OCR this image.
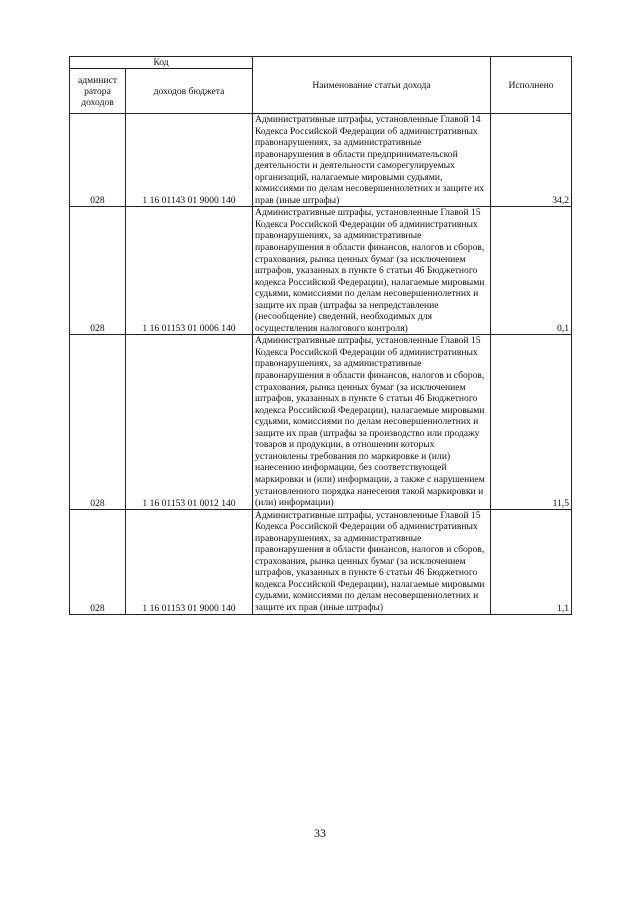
Код		Наименование статьи дохода	Исполнено
админист
ратора
доходов	доходов бюджета		
028	1 16 01143 01 9000 140	Административные штрафы, установленные Главой 14 Кодекса Российской Федерации об административных правонарушениях, за административные правонарушения в области предпринимательской деятельности и деятельности саморегулируемых организаций, налагаемые мировыми судьями, комиссиями по делам несовершеннолетних и защите их прав (иные штрафы)	34,2
028	1 16 01153 01 0006 140	Административные штрафы, установленные Главой 15 Кодекса Российской Федерации об административных правонарушениях, за административные правонарушения в области финансов, налогов и сборов, страхования, рынка ценных бумаг (за исключением штрафов, указанных в пункте 6 статьи 46 Бюджетного кодекса Российской Федерации), налагаемые мировыми судьями, комиссиями по делам несовершеннолетних и защите их прав (штрафы за непредставление (несообщение) сведений, необходимых для осуществления налогового контроля)	0,1
028	1 16 01153 01 0012 140	Административные штрафы, установленные Главой 15 Кодекса Российской Федерации об административных правонарушениях, за административные правонарушения в области финансов, налогов и сборов, страхования, рынка ценных бумаг (за исключением штрафов, указанных в пункте 6 статьи 46 Бюджетного кодекса Российской Федерации), налагаемые мировыми судьями, комиссиями по делам несовершеннолетних и защите их прав (штрафы за производство или продажу товаров и продукции, в отношении которых установлены требования по маркировке и (или) нанесению информации, без соответствующей маркировки и (или) информации, а также с нарушением установленного порядка нанесения такой маркировки и (или) информации)	11,5
028	1 16 01153 01 9000 140	Административные штрафы, установленные Главой 15 Кодекса Российской Федерации об административных правонарушениях, за административные правонарушения в области финансов, налогов и сборов, страхования, рынка ценных бумаг (за исключением штрафов, указанных в пункте 6 статьи 46 Бюджетного кодекса Российской Федерации), налагаемые мировыми судьями, комиссиями по делам несовершеннолетних и защите их прав (иные штрафы)	1,1
33
